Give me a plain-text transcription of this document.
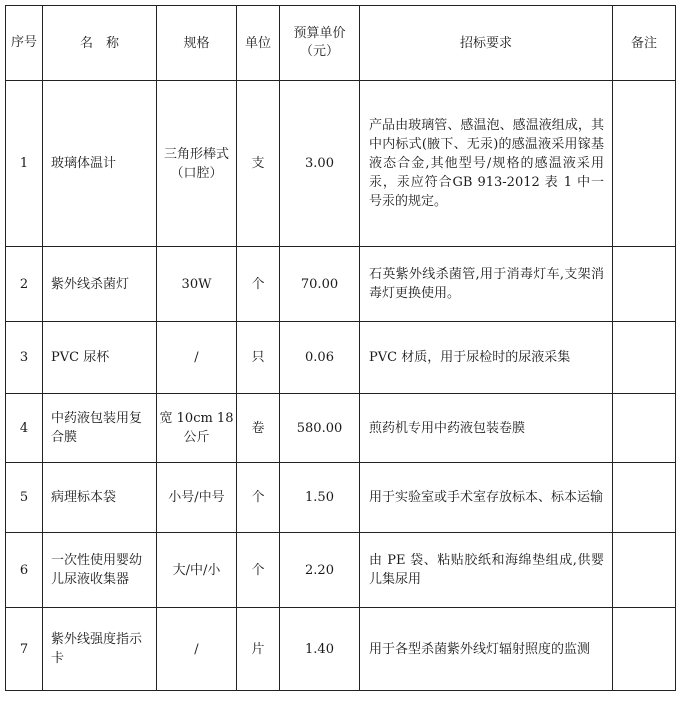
序号	名　称	规格	单位	预算单价（元）	招标要求	备注
1	玻璃体温计	三角形棒式（口腔）	支	3.00	产品由玻璃管、感温泡、感温液组成，其中内标式(腋下、无汞)的感温液采用镓基液态合金,其他型号/规格的感温液采用汞，汞应符合GB 913-2012 表 1 中一号汞的规定。	
2	紫外线杀菌灯	30W	个	70.00	石英紫外线杀菌管,用于消毒灯车,支架消毒灯更换使用。	
3	PVC 尿杯	/	只	0.06	PVC 材质，用于尿检时的尿液采集	
4	中药液包装用复合膜	宽 10cm 18 公斤	卷	580.00	煎药机专用中药液包装卷膜	
5	病理标本袋	小号/中号	个	1.50	用于实验室或手术室存放标本、标本运输	
6	一次性使用婴幼儿尿液收集器	大/中/小	个	2.20	由 PE 袋、粘贴胶纸和海绵垫组成,供婴儿集尿用	
7	紫外线强度指示卡	/	片	1.40	用于各型杀菌紫外线灯辐射照度的监测	
